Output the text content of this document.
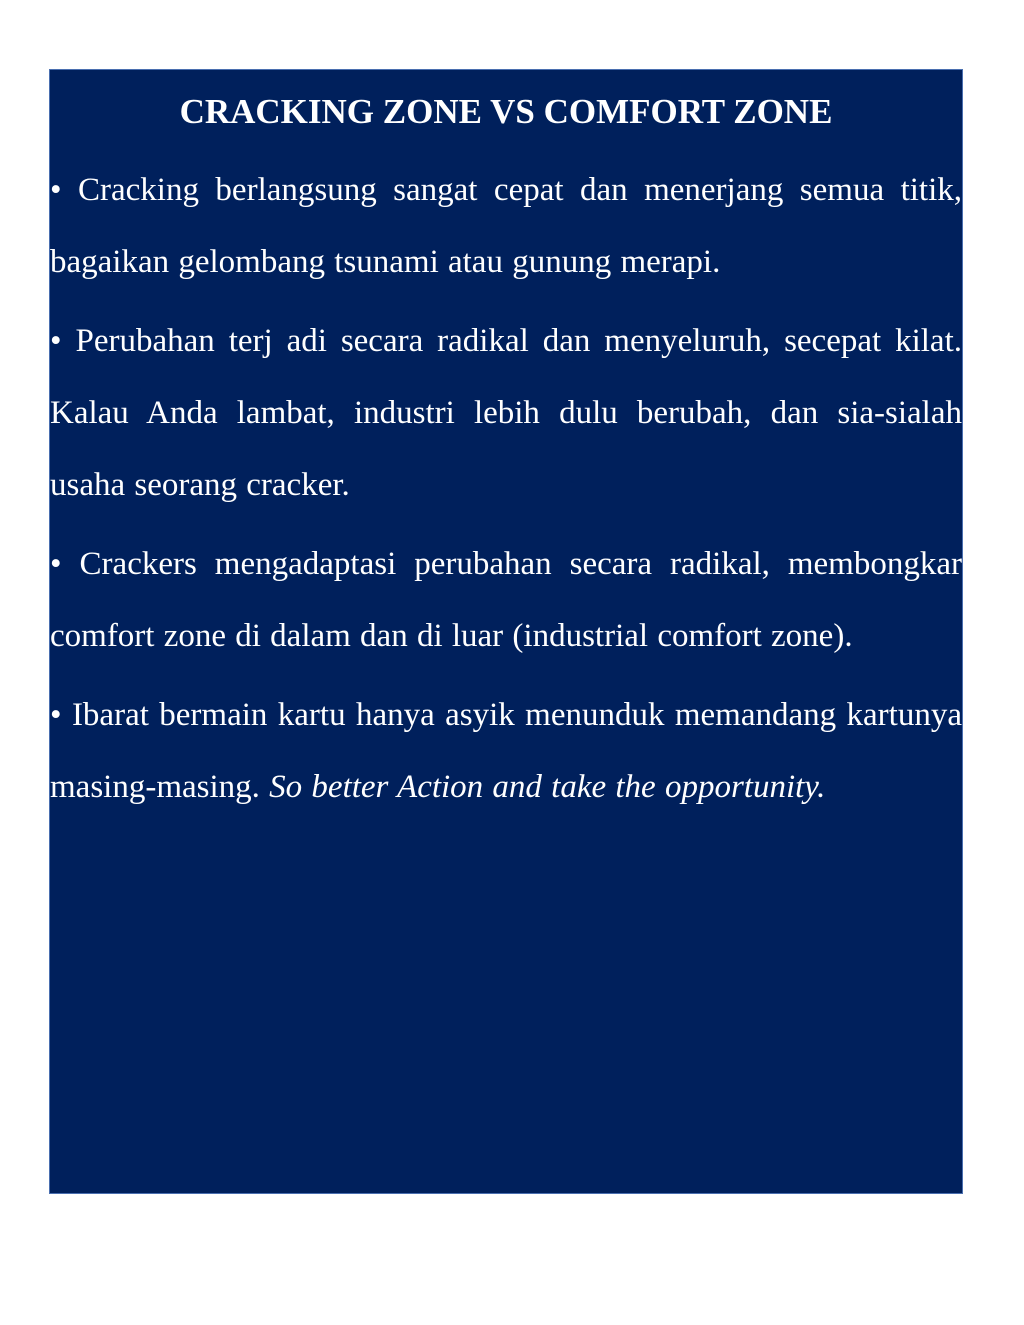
CRACKING ZONE VS COMFORT ZONE

• Cracking berlangsung sangat cepat dan menerjang semua titik, bagaikan gelombang tsunami atau gunung merapi.

• Perubahan terj adi secara radikal dan menyeluruh, secepat kilat. Kalau Anda lambat, industri lebih dulu berubah, dan sia-sialah usaha seorang cracker.

• Crackers mengadaptasi perubahan secara radikal, membongkar comfort zone di dalam dan di luar (industrial comfort zone).

• Ibarat bermain kartu hanya asyik menunduk memandang kartunya masing-masing. So better Action and take the opportunity.
